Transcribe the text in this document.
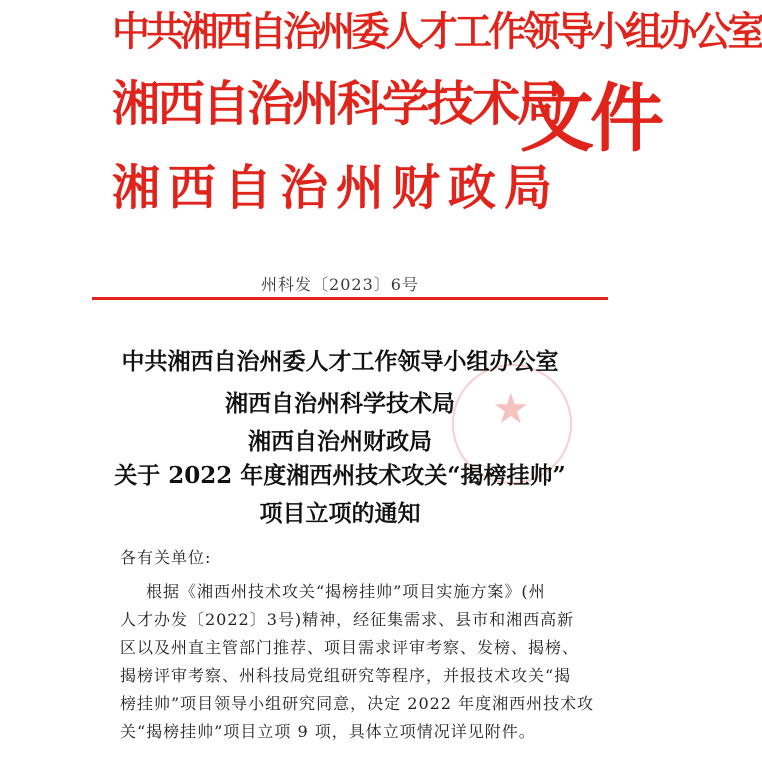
中共湘西自治州委人才工作领导小组办公室
湘西自治州科学技术局
湘西自治州财政局
文件
州科发〔2023〕6号
★
中共湘西自治州委人才工作领导小组办公室
湘西自治州科学技术局
湘西自治州财政局
关于 2022 年度湘西州技术攻关“揭榜挂帅”
项目立项的通知
各有关单位:
根据《湘西州技术攻关“揭榜挂帅”项目实施方案》(州
人才办发〔2022〕3号)精神，经征集需求、县市和湘西高新
区以及州直主管部门推荐、项目需求评审考察、发榜、揭榜、
揭榜评审考察、州科技局党组研究等程序，并报技术攻关“揭
榜挂帅”项目领导小组研究同意，决定 2022 年度湘西州技术攻
关“揭榜挂帅”项目立项 9 项，具体立项情况详见附件。
